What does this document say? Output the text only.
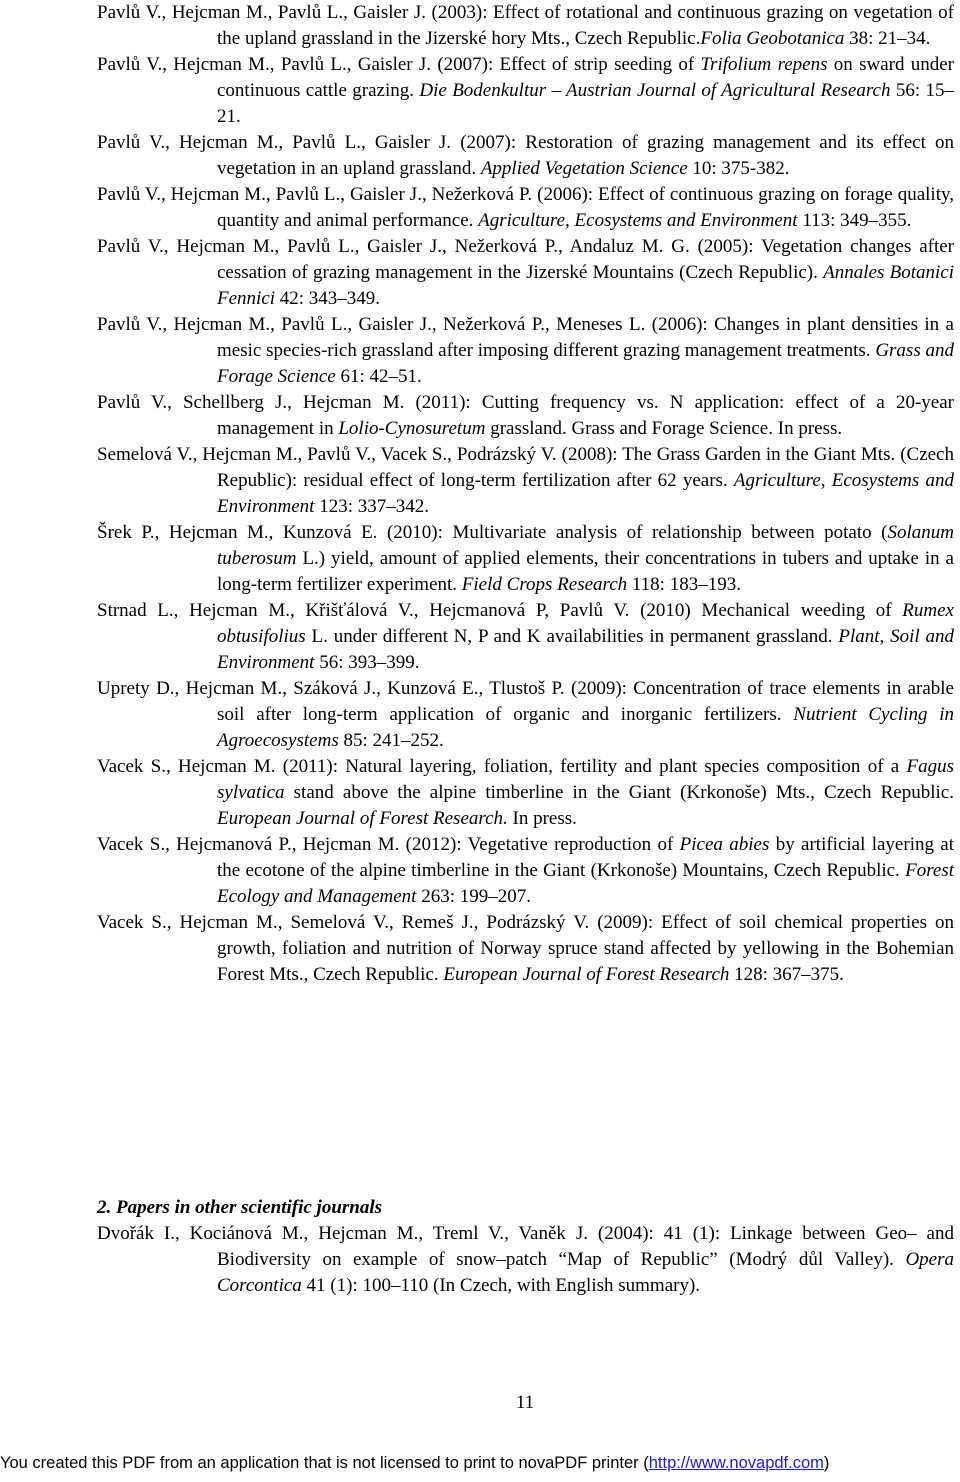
Pavlů V., Hejcman M., Pavlů L., Gaisler J. (2003): Effect of rotational and continuous grazing on vegetation of the upland grassland in the Jizerské hory Mts., Czech Republic.Folia Geobotanica 38: 21–34.

Pavlů V., Hejcman M., Pavlů L., Gaisler J. (2007): Effect of strip seeding of Trifolium repens on sward under continuous cattle grazing. Die Bodenkultur – Austrian Journal of Agricultural Research 56: 15–21.

Pavlů V., Hejcman M., Pavlů L., Gaisler J. (2007): Restoration of grazing management and its effect on vegetation in an upland grassland. Applied Vegetation Science 10: 375-382.

Pavlů V., Hejcman M., Pavlů L., Gaisler J., Nežerková P. (2006): Effect of continuous grazing on forage quality, quantity and animal performance. Agriculture, Ecosystems and Environment 113: 349–355.

Pavlů V., Hejcman M., Pavlů L., Gaisler J., Nežerková P., Andaluz M. G. (2005): Vegetation changes after cessation of grazing management in the Jizerské Mountains (Czech Republic). Annales Botanici Fennici 42: 343–349.

Pavlů V., Hejcman M., Pavlů L., Gaisler J., Nežerková P., Meneses L. (2006): Changes in plant densities in a mesic species-rich grassland after imposing different grazing management treatments. Grass and Forage Science 61: 42–51.

Pavlů V., Schellberg J., Hejcman M. (2011): Cutting frequency vs. N application: effect of a 20-year management in Lolio-Cynosuretum grassland. Grass and Forage Science. In press.

Semelová V., Hejcman M., Pavlů V., Vacek S., Podrázský V. (2008): The Grass Garden in the Giant Mts. (Czech Republic): residual effect of long-term fertilization after 62 years. Agriculture, Ecosystems and Environment 123: 337–342.

Šrek P., Hejcman M., Kunzová E. (2010): Multivariate analysis of relationship between potato (Solanum tuberosum L.) yield, amount of applied elements, their concentrations in tubers and uptake in a long-term fertilizer experiment. Field Crops Research 118: 183–193.

Strnad L., Hejcman M., Křišťálová V., Hejcmanová P, Pavlů V. (2010) Mechanical weeding of Rumex obtusifolius L. under different N, P and K availabilities in permanent grassland. Plant, Soil and Environment 56: 393–399.

Uprety D., Hejcman M., Száková J., Kunzová E., Tlustoš P. (2009): Concentration of trace elements in arable soil after long-term application of organic and inorganic fertilizers. Nutrient Cycling in Agroecosystems 85: 241–252.

Vacek S., Hejcman M. (2011): Natural layering, foliation, fertility and plant species composition of a Fagus sylvatica stand above the alpine timberline in the Giant (Krkonoše) Mts., Czech Republic. European Journal of Forest Research. In press.

Vacek S., Hejcmanová P., Hejcman M. (2012): Vegetative reproduction of Picea abies by artificial layering at the ecotone of the alpine timberline in the Giant (Krkonoše) Mountains, Czech Republic. Forest Ecology and Management 263: 199–207.

Vacek S., Hejcman M., Semelová V., Remeš J., Podrázský V. (2009): Effect of soil chemical properties on growth, foliation and nutrition of Norway spruce stand affected by yellowing in the Bohemian Forest Mts., Czech Republic. European Journal of Forest Research 128: 367–375.

2. Papers in other scientific journals

Dvořák I., Kociánová M., Hejcman M., Treml V., Vaněk J. (2004): 41 (1): Linkage between Geo– and Biodiversity on example of snow–patch “Map of Republic” (Modrý důl Valley). Opera Corcontica 41 (1): 100–110 (In Czech, with English summary).

11
You created this PDF from an application that is not licensed to print to novaPDF printer (http://www.novapdf.com)
